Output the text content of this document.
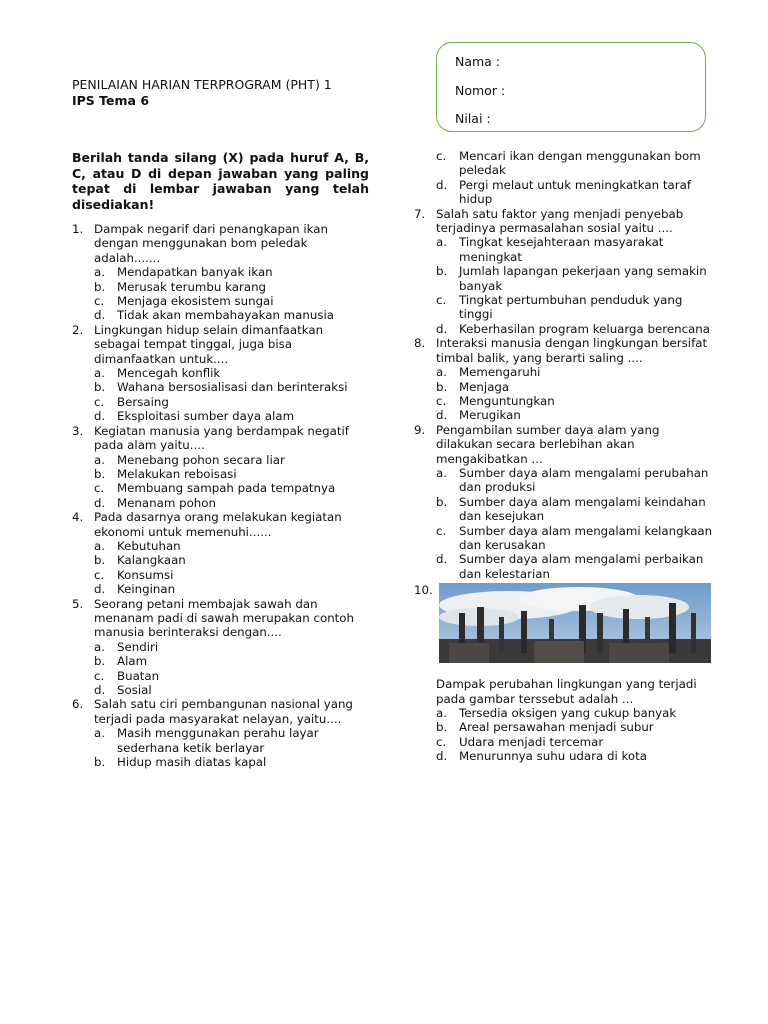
PENILAIAN HARIAN TERPROGRAM (PHT) 1
IPS Tema 6
Nama :
Nomor :
Nilai :
Berilah tanda silang (X) pada huruf A, B, C, atau D di depan jawaban yang paling tepat di lembar jawaban yang telah disediakan!
1. Dampak negarif dari penangkapan ikan dengan menggunakan bom peledak adalah.......
a. Mendapatkan banyak ikan
b. Merusak terumbu karang
c. Menjaga ekosistem sungai
d. Tidak akan membahayakan manusia
2. Lingkungan hidup selain dimanfaatkan sebagai tempat tinggal, juga bisa dimanfaatkan untuk....
a. Mencegah konflik
b. Wahana bersosialisasi dan berinteraksi
c. Bersaing
d. Eksploitasi sumber daya alam
3. Kegiatan manusia yang berdampak negatif pada alam yaitu....
a. Menebang pohon secara liar
b. Melakukan reboisasi
c. Membuang sampah pada tempatnya
d. Menanam pohon
4. Pada dasarnya orang melakukan kegiatan ekonomi untuk memenuhi......
a. Kebutuhan
b. Kalangkaan
c. Konsumsi
d. Keinginan
5. Seorang petani membajak sawah dan menanam padi di sawah merupakan contoh manusia berinteraksi dengan....
a. Sendiri
b. Alam
c. Buatan
d. Sosial
6. Salah satu ciri pembangunan nasional yang terjadi pada masyarakat nelayan, yaitu....
a. Masih menggunakan perahu layar sederhana ketik berlayar
b. Hidup masih diatas kapal
c. Mencari ikan dengan menggunakan bom peledak
d. Pergi melaut untuk meningkatkan taraf hidup
7. Salah satu faktor yang menjadi penyebab terjadinya permasalahan sosial yaitu ....
a. Tingkat kesejahteraan masyarakat meningkat
b. Jumlah lapangan pekerjaan yang semakin banyak
c. Tingkat pertumbuhan penduduk yang tinggi
d. Keberhasilan program keluarga berencana
8. Interaksi manusia dengan lingkungan bersifat timbal balik, yang berarti saling ....
a. Memengaruhi
b. Menjaga
c. Menguntungkan
d. Merugikan
9. Pengambilan sumber daya alam yang dilakukan secara berlebihan akan mengakibatkan ...
a. Sumber daya alam mengalami perubahan dan produksi
b. Sumber daya alam mengalami keindahan dan kesejukan
c. Sumber daya alam mengalami kelangkaan dan kerusakan
d. Sumber daya alam mengalami perbaikan dan kelestarian
10.
Dampak perubahan lingkungan yang terjadi pada gambar terssebut adalah ...
a. Tersedia oksigen yang cukup banyak
b. Areal persawahan menjadi subur
c. Udara menjadi tercemar
d. Menurunnya suhu udara di kota
